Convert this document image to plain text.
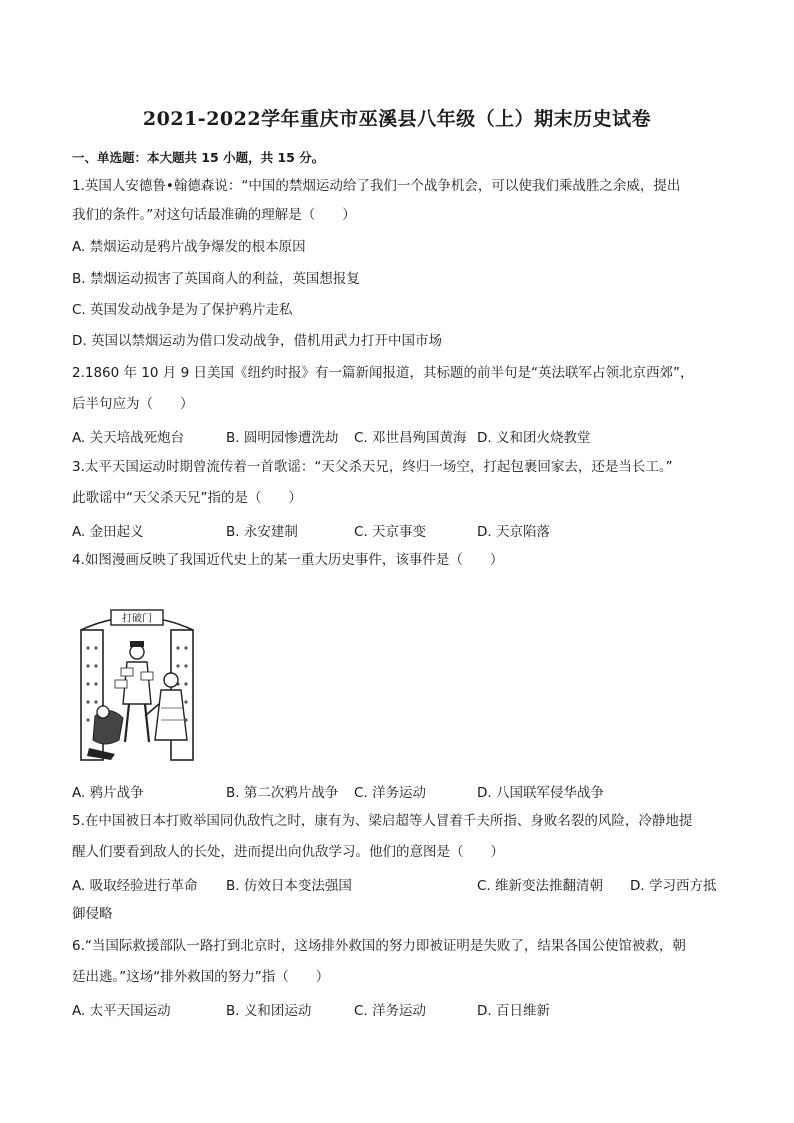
2021-2022学年重庆市巫溪县八年级（上）期末历史试卷
一、单选题：本大题共 15 小题，共 15 分。
1.英国人安德鲁•翰德森说：“中国的禁烟运动给了我们一个战争机会，可以使我们乘战胜之余威，提出
我们的条件。”对这句话最准确的理解是（　　）
A. 禁烟运动是鸦片战争爆发的根本原因
B. 禁烟运动损害了英国商人的利益，英国想报复
C. 英国发动战争是为了保护鸦片走私
D. 英国以禁烟运动为借口发动战争，借机用武力打开中国市场
2.1860 年 10 月 9 日美国《纽约时报》有一篇新闻报道，其标题的前半句是“英法联军占领北京西郊”，
后半句应为（　　）
A. 关天培战死炮台	B. 圆明园惨遭洗劫 C. 邓世昌殉国黄海 D. 义和团火烧教堂
3.太平天国运动时期曾流传着一首歌谣：“天父杀天兄，终归一场空，打起包裹回家去，还是当长工。”
此歌谣中“天父杀天兄”指的是（　　）
A. 金田起义	B. 永安建制	C. 天京事变	D. 天京陷落
4.如图漫画反映了我国近代史上的某一重大历史事件，该事件是（　　）
打破门
A. 鸦片战争	B. 第二次鸦片战争 C. 洋务运动	D. 八国联军侵华战争
5.在中国被日本打败举国同仇敌忾之时，康有为、梁启超等人冒着千夫所指、身败名裂的风险，冷静地提
醒人们要看到敌人的长处，进而提出向仇敌学习。他们的意图是（　　）
A. 吸取经验进行革命 B. 仿效日本变法强国	C. 维新变法推翻清朝 D. 学习西方抵
御侵略
6.“当国际救援部队一路打到北京时，这场排外救国的努力即被证明是失败了，结果各国公使馆被救，朝
廷出逃。”这场“排外救国的努力”指（　　）
A. 太平天国运动	B. 义和团运动	C. 洋务运动	D. 百日维新
